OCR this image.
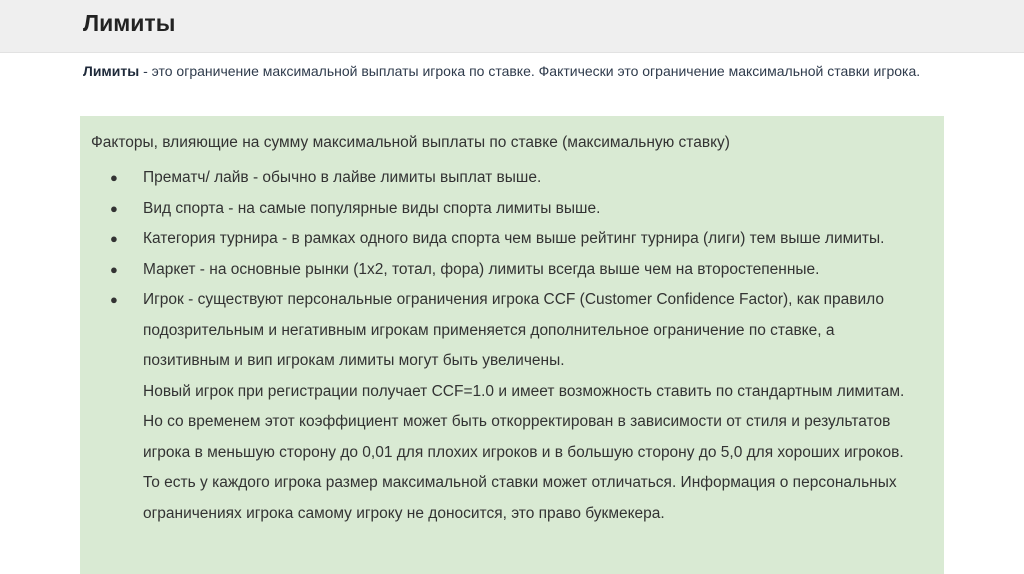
Лимиты

Лимиты - это ограничение максимальной выплаты игрока по ставке. Фактически это ограничение максимальной ставки игрока.

Факторы, влияющие на сумму максимальной выплаты по ставке (максимальную ставку)

● Прематч/ лайв - обычно в лайве лимиты выплат выше.
● Вид спорта - на самые популярные виды спорта лимиты выше.
● Категория турнира - в рамках одного вида спорта чем выше рейтинг турнира (лиги) тем выше лимиты.
● Маркет - на основные рынки (1х2, тотал, фора) лимиты всегда выше чем на второстепенные.
● Игрок - существуют персональные ограничения игрока CCF (Customer Confidence Factor), как правило подозрительным и негативным игрокам применяется дополнительное ограничение по ставке, а позитивным и вип игрокам лимиты могут быть увеличены.
Новый игрок при регистрации получает CCF=1.0 и имеет возможность ставить по стандартным лимитам. Но со временем этот коэффициент может быть откорректирован в зависимости от стиля и результатов игрока в меньшую сторону до 0,01 для плохих игроков и в большую сторону до 5,0 для хороших игроков. То есть у каждого игрока размер максимальной ставки может отличаться. Информация о персональных ограничениях игрока самому игроку не доносится, это право букмекера.
